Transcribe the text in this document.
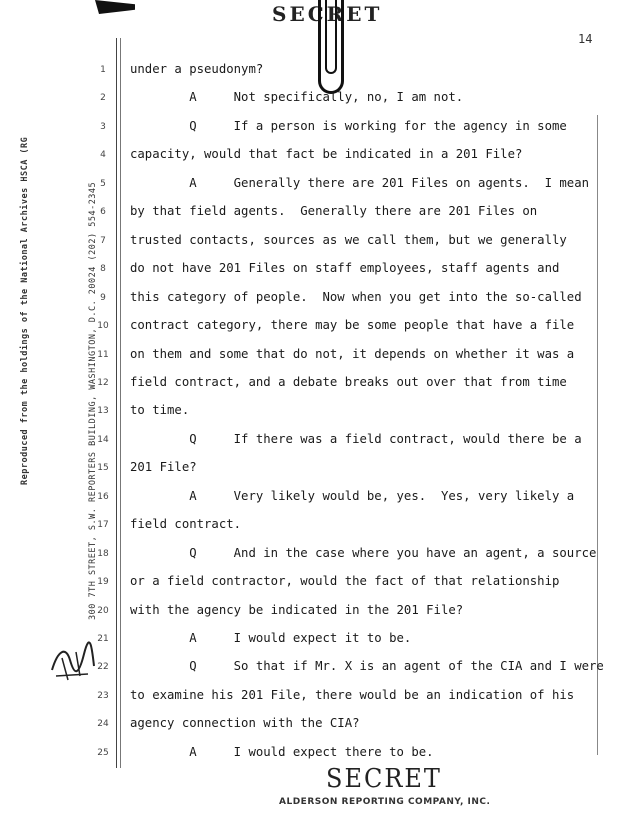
SECRET
14
Reproduced from the holdings of the National Archives HSCA (RG	300 7TH STREET, S.W. REPORTERS BUILDING, WASHINGTON, D.C. 20024 (202) 554-2345
1	under a pseudonym?
2	A     Not specifically, no, I am not.
3	Q     If a person is working for the agency in some
4	capacity, would that fact be indicated in a 201 File?
5	A     Generally there are 201 Files on agents.  I mean
6	by that field agents.  Generally there are 201 Files on
7	trusted contacts, sources as we call them, but we generally
8	do not have 201 Files on staff employees, staff agents and
9	this category of people.  Now when you get into the so-called
10	contract category, there may be some people that have a file
11	on them and some that do not, it depends on whether it was a
12	field contract, and a debate breaks out over that from time
13	to time.
14	Q     If there was a field contract, would there be a
15	201 File?
16	A     Very likely would be, yes.  Yes, very likely a
17	field contract.
18	Q     And in the case where you have an agent, a source
19	or a field contractor, would the fact of that relationship
20	with the agency be indicated in the 201 File?
21	A     I would expect it to be.
22	Q     So that if Mr. X is an agent of the CIA and I were
23	to examine his 201 File, there would be an indication of his
24	agency connection with the CIA?
25	A     I would expect there to be.
SECRET
ALDERSON REPORTING COMPANY, INC.
